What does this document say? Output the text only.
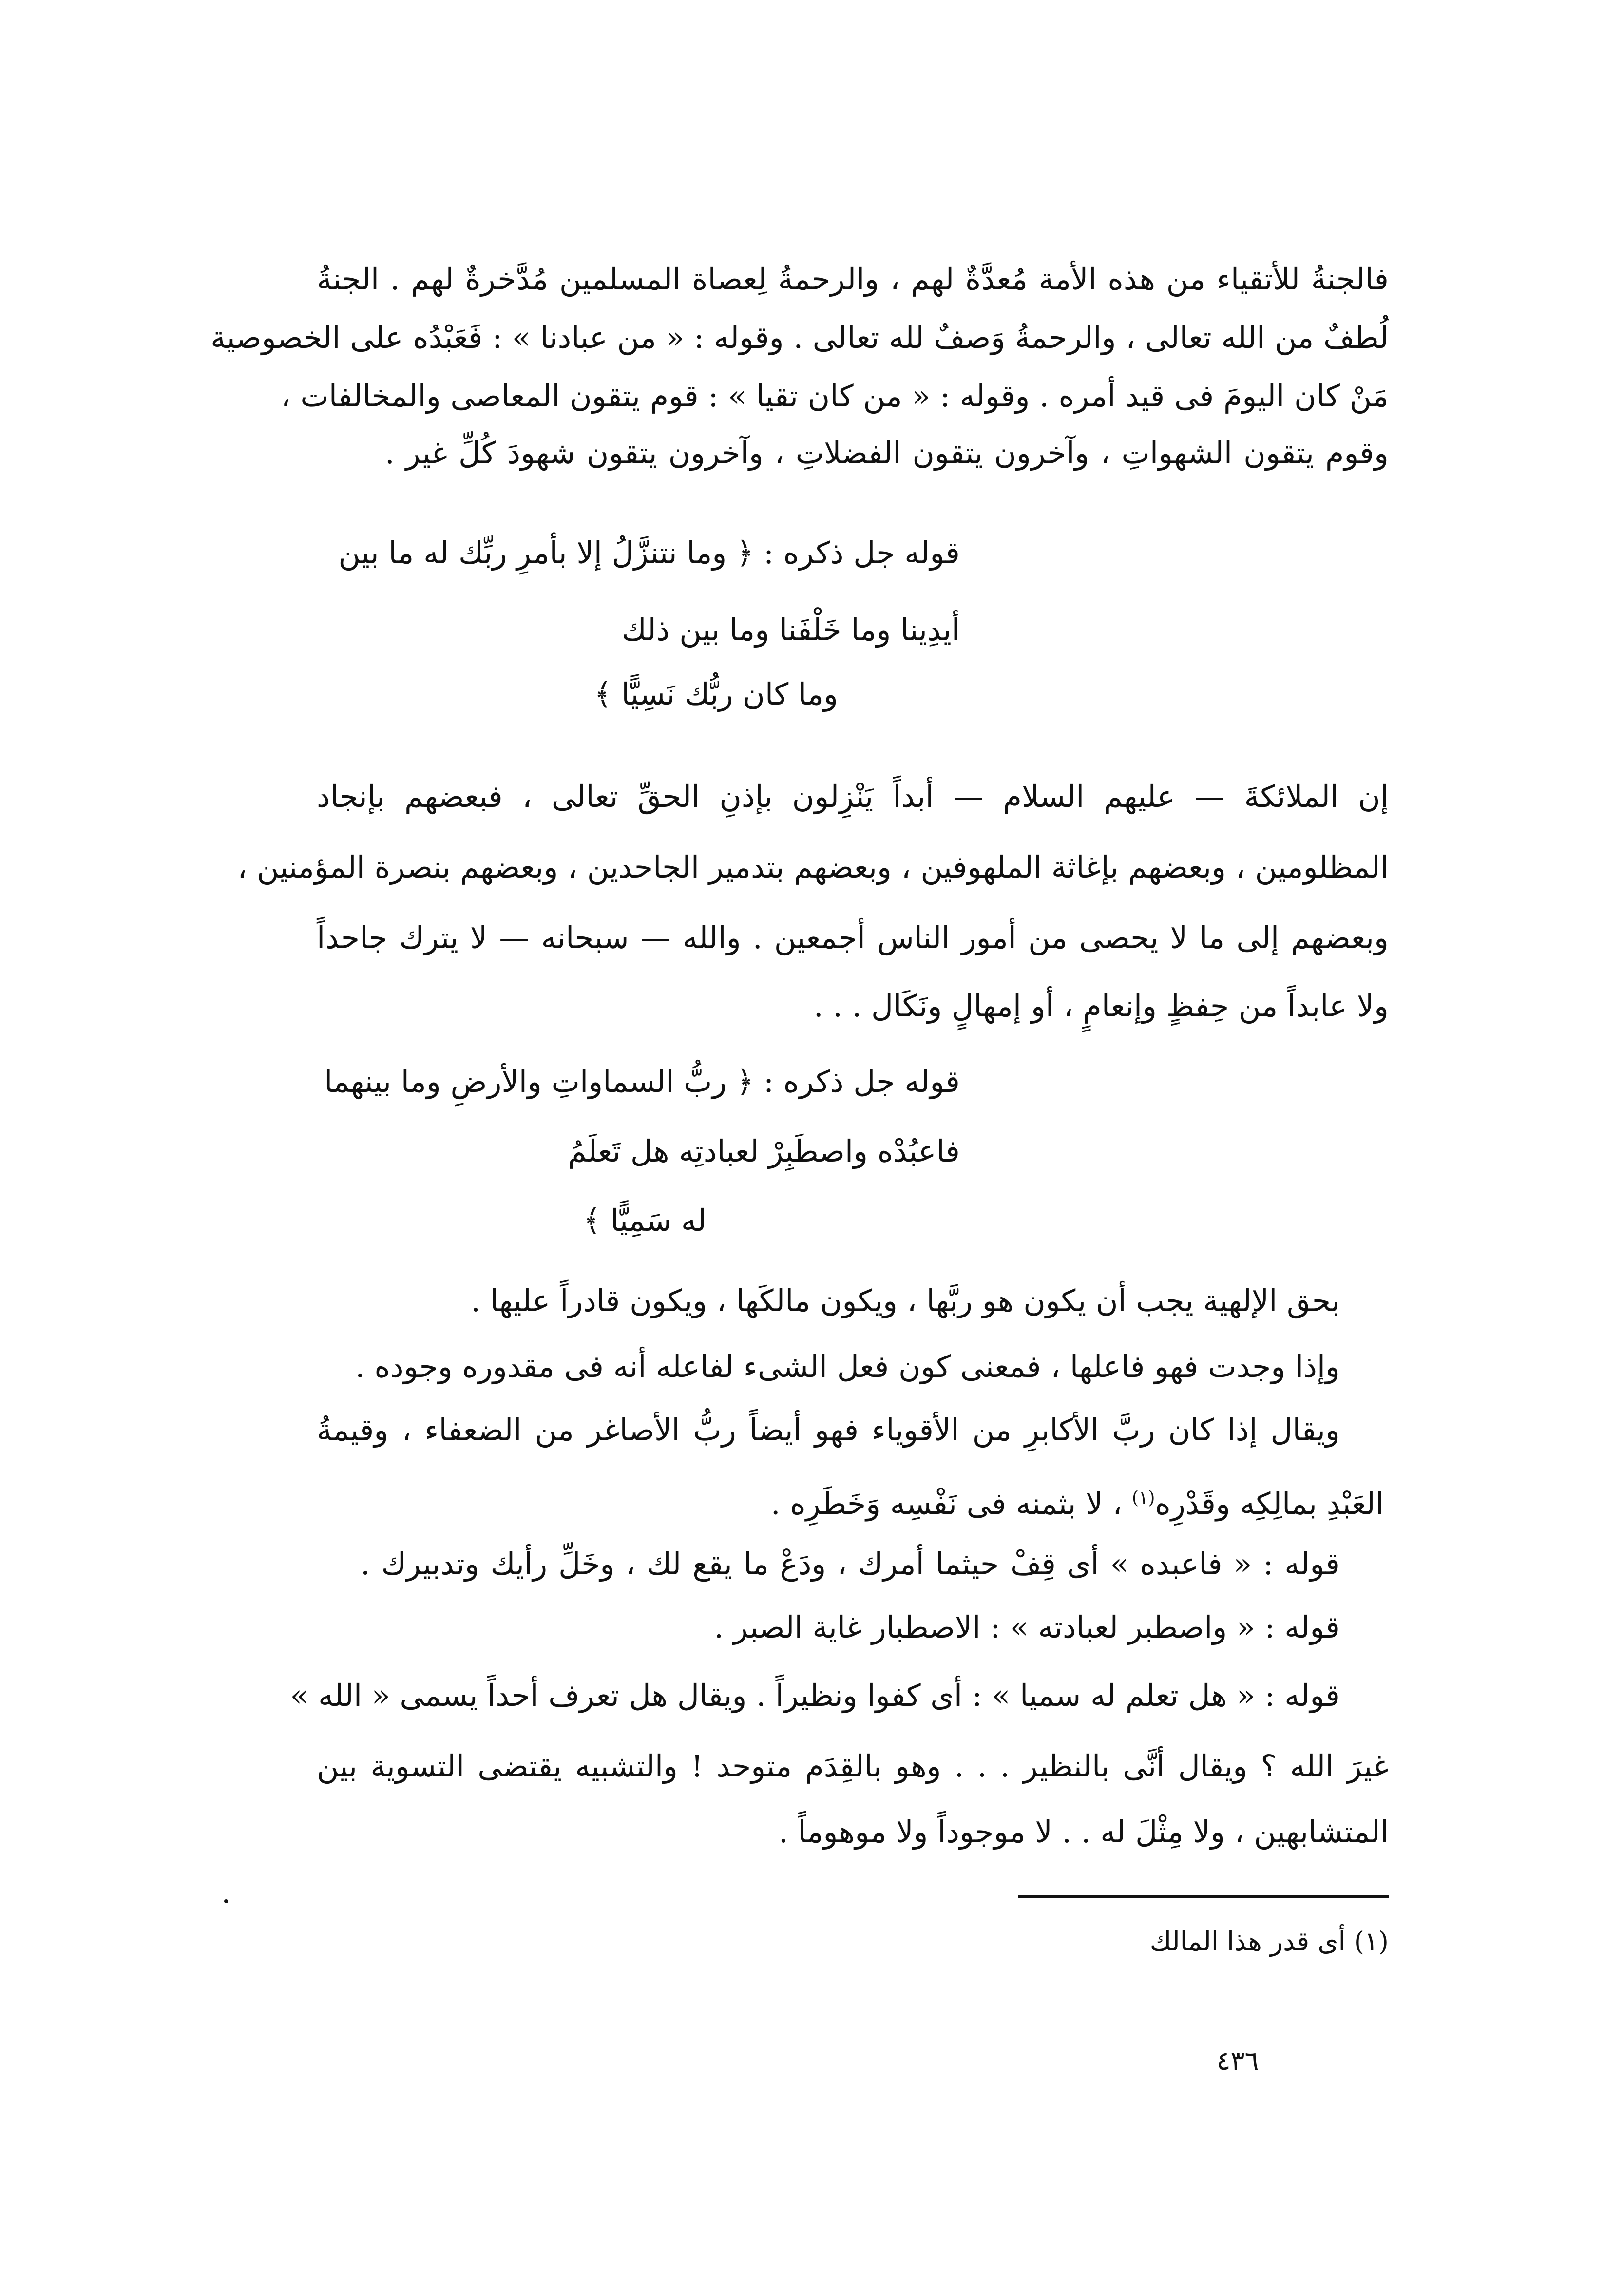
فالجنةُ للأتقياء من هذه الأمة مُعدَّةٌ لهم ، والرحمةُ لِعصاة المسلمين مُدَّخرةٌ لهم . الجنةُ
لُطفٌ من الله تعالى ، والرحمةُ وَصفٌ لله تعالى . وقوله : « من عبادنا » : فَعَبْدُه على الخصوصية
مَنْ كان اليومَ فى قيد أمره . وقوله : « من كان تقيا » : قوم يتقون المعاصى والمخالفات ،
وقوم يتقون الشهواتِ ، وآخرون يتقون الفضلاتِ ، وآخرون يتقون شهودَ كُلِّ غير .
قوله جل ذكره : ﴿ وما نتنزَّلُ إلا بأمرِ ربِّك له ما بين
أيدِينا وما خَلْفَنا وما بين ذلك
وما كان ربُّك نَسِيًّا ﴾
إن الملائكةَ — عليهم السلام — أبداً يَنْزِلون بإذنِ الحقِّ تعالى ، فبعضهم بإنجاد
المظلومين ، وبعضهم بإغاثة الملهوفين ، وبعضهم بتدمير الجاحدين ، وبعضهم بنصرة المؤمنين ،
وبعضهم إلى ما لا يحصى من أمور الناس أجمعين . والله — سبحانه — لا يترك جاحداً
ولا عابداً من حِفظٍ وإنعامٍ ، أو إمهالٍ ونَكَال . . .
قوله جل ذكره : ﴿ ربُّ السماواتِ والأرضِ وما بينهما
فاعبُدْه واصطَبِرْ لعبادتِه هل تَعلَمُ
له سَمِيًّا ﴾
بحق الإلهية يجب أن يكون هو ربَّها ، ويكون مالكَها ، ويكون قادراً عليها .
وإذا وجدت فهو فاعلها ، فمعنى كون فعل الشىء لفاعله أنه فى مقدوره وجوده .
ويقال إذا كان ربَّ الأكابرِ من الأقوياء فهو أيضاً ربُّ الأصاغر من الضعفاء ، وقيمةُ
العَبْدِ بمالِكِه وقَدْرِه$^{(١)}$ ، لا بثمنه فى نَفْسِه وَخَطَرِه .
قوله : « فاعبده » أى قِفْ حيثما أمرك ، ودَعْ ما يقع لك ، وخَلِّ رأيك وتدبيرك .
قوله : « واصطبر لعبادته » : الاصطبار غاية الصبر .
قوله : « هل تعلم له سميا » : أى كفوا ونظيراً . ويقال هل تعرف أحداً يسمى « الله »
غيرَ الله ؟ ويقال أنَّى بالنظير . . . وهو بالقِدَم متوحد ! والتشبيه يقتضى التسوية بين
المتشابهين ، ولا مِثْلَ له . . لا موجوداً ولا موهوماً .
(١) أى قدر هذا المالك
٤٣٦
